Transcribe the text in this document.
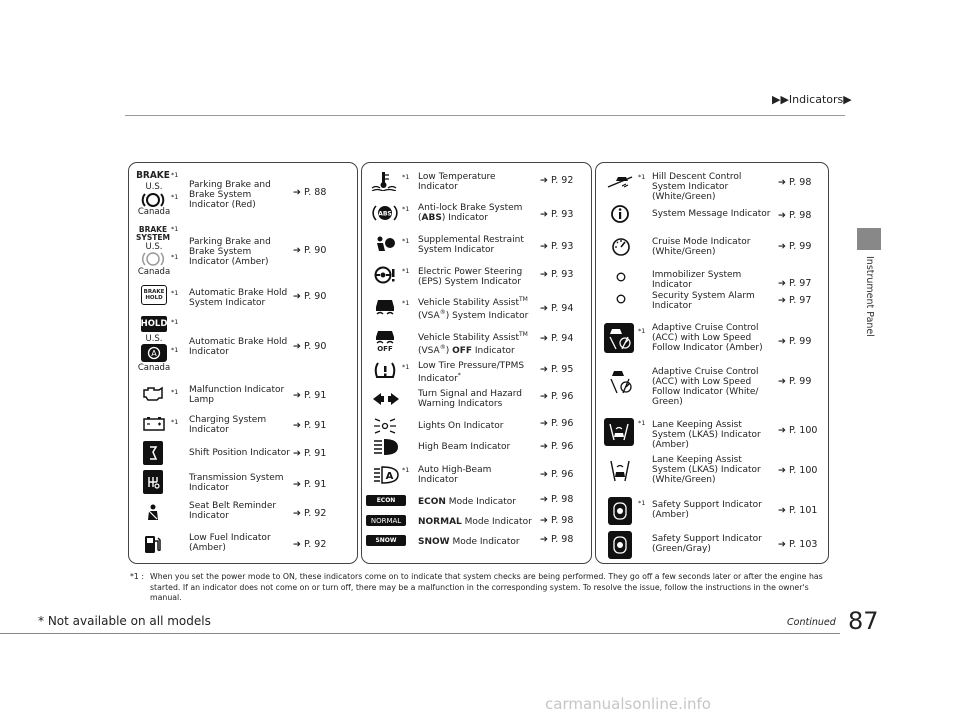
▶▶Indicators▶
Instrument Panel
BRAKE *1
U.S.
*1
Canada
Parking Brake and Brake System Indicator (Red)
➔ P. 88
BRAKE
SYSTEM
*1
U.S.
*1
Canada
Parking Brake and Brake System Indicator (Amber)
➔ P. 90
BRAKE
HOLD
*1 Automatic Brake Hold System Indicator
➔ P. 90
HOLD *1
U.S.
A *1
Canada
Automatic Brake Hold Indicator	➔ P. 90
*1 Malfunction Indicator Lamp	➔ P. 91
*1 Charging System Indicator	➔ P. 91
Shift Position Indicator ➔ P. 91
Transmission System Indicator	➔ P. 91
Seat Belt Reminder Indicator	➔ P. 92
Low Fuel Indicator (Amber)	➔ P. 92
*1 Low Temperature Indicator
➔ P. 92
ABS
*1 Anti-lock Brake System (ABS) Indicator	➔ P. 93
*1 Supplemental Restraint System Indicator	➔ P. 93
*1 Electric Power Steering (EPS) System Indicator
➔ P. 93
*1 Vehicle Stability Assist™
(VSA®) System Indicator
➔ P. 94
OFF
Vehicle Stability Assist™
(VSA®) OFF Indicator
➔ P. 94
*1 Low Tire Pressure/TPMS Indicator*
➔ P. 95
Turn Signal and Hazard Warning Indicators
➔ P. 96
Lights On Indicator	➔ P. 96
High Beam Indicator	➔ P. 96
A
*1 Auto High-Beam Indicator	➔ P. 96
ECON	ECON Mode Indicator	➔ P. 98
NORMAL	NORMAL Mode Indicator ➔ P. 98
SNOW	SNOW Mode Indicator	➔ P. 98
*1 Hill Descent Control System Indicator (White/Green)
➔ P. 98
System Message Indicator ➔ P. 98
Cruise Mode Indicator (White/Green)	➔ P. 99
Immobilizer System Indicator	➔ P. 97
Security System Alarm Indicator	➔ P. 97
*1 Adaptive Cruise Control (ACC) with Low Speed Follow Indicator (Amber)
➔ P. 99
Adaptive Cruise Control (ACC) with Low Speed Follow Indicator (White/ Green)
➔ P. 99
*1 Lane Keeping Assist System (LKAS) Indicator (Amber)
➔ P. 100
Lane Keeping Assist System (LKAS) Indicator (White/Green)
➔ P. 100
*1 Safety Support Indicator (Amber)	➔ P. 101
Safety Support Indicator (Green/Gray)	➔ P. 103
*1 : When you set the power mode to ON, these indicators come on to indicate that system checks are being performed. They go off a few seconds later or after the engine has started. If an indicator does not come on or turn off, there may be a malfunction in the corresponding system. To resolve the issue, follow the instructions in the owner's manual.
* Not available on all models	Continued 87
carmanualsonline.info
